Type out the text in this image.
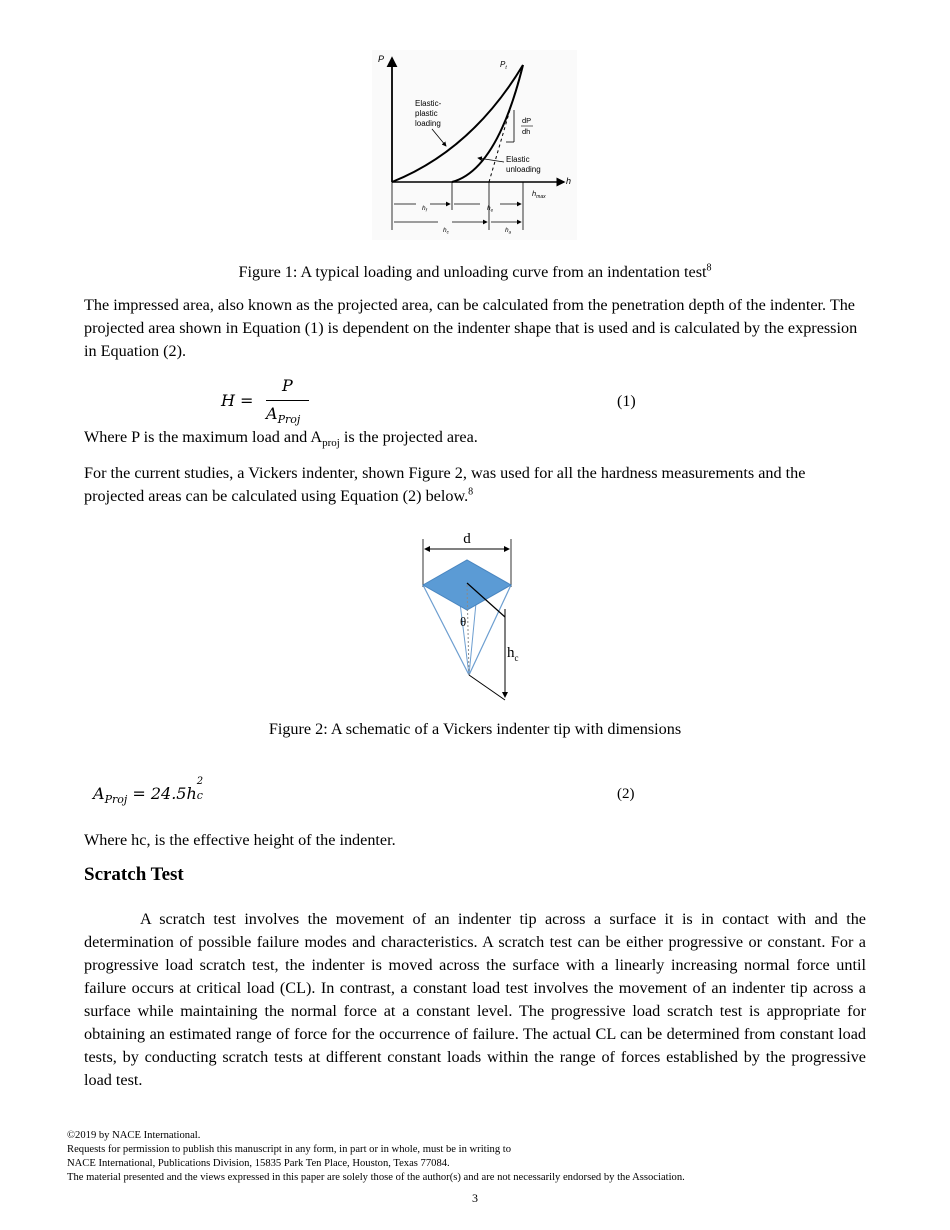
P
h
$P_t$
Elastic- plastic loading	dP
dh
Elastic unloading
$h_{max}$
$h_f$	$h_e$
$h_c$	$h_a$
Figure 1: A typical loading and unloading curve from an indentation test$^8$

The impressed area, also known as the projected area, can be calculated from the penetration depth of the indenter. The projected area shown in Equation (1) is dependent on the indenter shape that is used and is calculated by the expression in Equation (2).

H =
P
$A_{Proj}$
(1)

Where P is the maximum load and $A_{proj}$ is the projected area.

For the current studies, a Vickers indenter, shown Figure 2, was used for all the hardness measurements and the projected areas can be calculated using Equation (2) below.$^8$

d
θ
$h_c$
Figure 2: A schematic of a Vickers indenter tip with dimensions
$A_{Proj} = 24.5h$
2
c	(2)

Where hc, is the effective height of the indenter.

Scratch Test

A scratch test involves the movement of an indenter tip across a surface it is in contact with and the determination of possible failure modes and characteristics. A scratch test can be either progressive or constant. For a progressive load scratch test, the indenter is moved across the surface with a linearly increasing normal force until failure occurs at critical load (CL). In contrast, a constant load test involves the movement of an indenter tip across a surface while maintaining the normal force at a constant level. The progressive load scratch test is appropriate for obtaining an estimated range of force for the occurrence of failure. The actual CL can be determined from constant load tests, by conducting scratch tests at different constant loads within the range of forces established by the progressive load test.

©2019 by NACE International.
Requests for permission to publish this manuscript in any form, in part or in whole, must be in writing to
NACE International, Publications Division, 15835 Park Ten Place, Houston, Texas 77084.
The material presented and the views expressed in this paper are solely those of the author(s) and are not necessarily endorsed by the Association.
3
